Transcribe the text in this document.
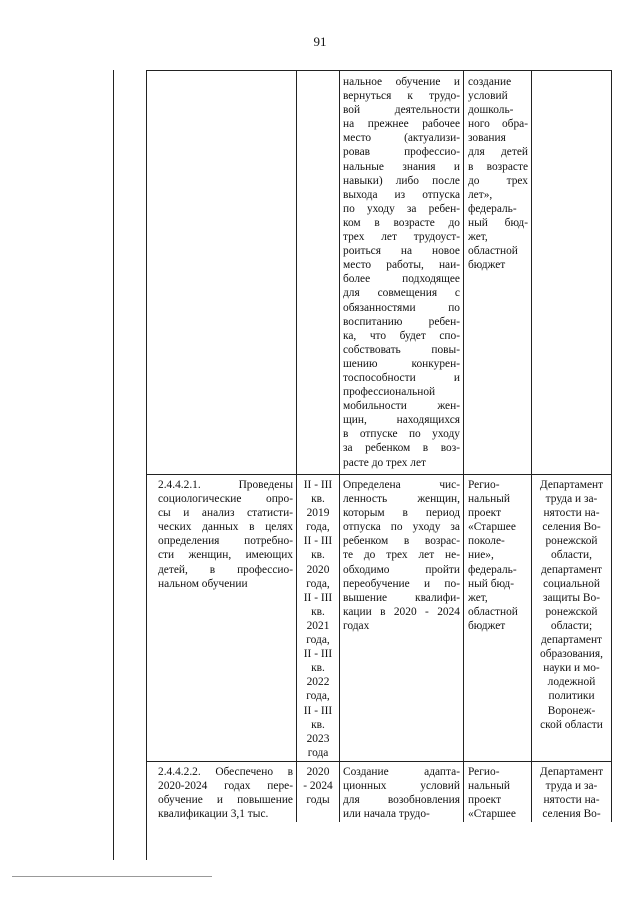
91

нальное обучение и

вернуться к трудо-

вой деятельности

на прежнее рабочее

место (актуализи-

ровав профессио-

нальные знания и

навыки) либо после

выхода из отпуска

по уходу за ребен-

ком в возрасте до

трех лет трудоуст-

роиться на новое

место работы, наи-

более подходящее

для совмещения с

обязанностями по

воспитанию ребен-

ка, что будет спо-

собствовать повы-

шению конкурен-

тоспособности и

профессиональной

мобильности жен-

щин, находящихся

в отпуске по уходу

за ребенком в воз-

расте до трех лет

создание

условий

дошколь-

ного обра-

зования

для детей

в возрасте

до трех

лет»,

федераль-

ный бюд-

жет,

областной

бюджет

2.4.4.2.1. Проведены

социологические опро-

сы и анализ статисти-

ческих данных в целях

определения потребно-

сти женщин, имеющих

детей, в профессио-

нальном обучении

II - III

кв.

2019

года,

II - III

кв.

2020

года,

II - III

кв.

2021

года,

II - III

кв.

2022

года,

II - III

кв.

2023

года

Определена чис-

ленность женщин,

которым в период

отпуска по уходу за

ребенком в возрас-

те до трех лет не-

обходимо пройти

переобучение и по-

вышение квалифи-

кации в 2020 - 2024

годах

Регио-

нальный

проект

«Старшее

поколе-

ние»,

федераль-

ный бюд-

жет,

областной

бюджет

Департамент

труда и за-

нятости на-

селения Во-

ронежской

области,

департамент

социальной

защиты Во-

ронежской

области;

департамент

образования,

науки и мо-

лодежной

политики

Воронеж-

ской области

2.4.4.2.2. Обеспечено в

2020-2024 годах пере-

обучение и повышение

квалификации 3,1 тыс.

2020

- 2024

годы

Создание адапта-

ционных условий

для возобновления

или начала трудо-

Регио-

нальный

проект

«Старшее

Департамент

труда и за-

нятости на-

селения Во-
